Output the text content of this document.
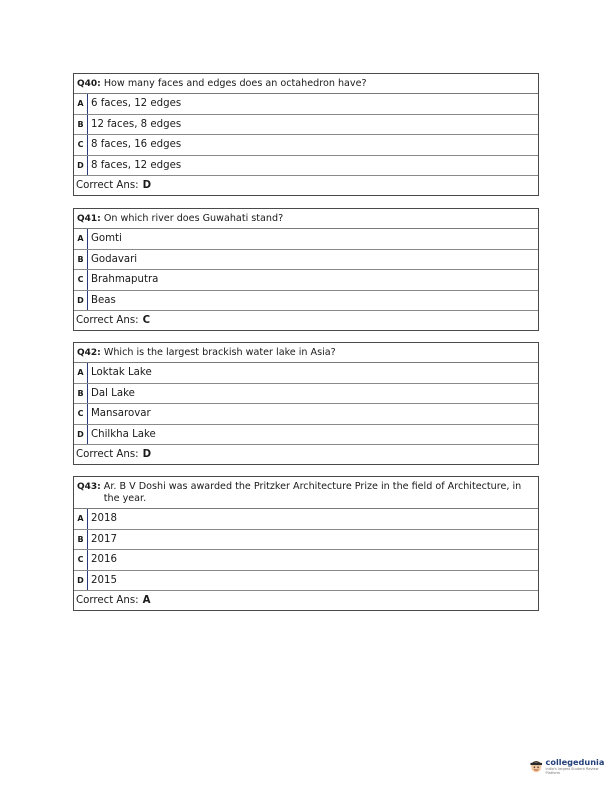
Q40: How many faces and edges does an octahedron have?
A 6 faces, 12 edges
B 12 faces, 8 edges
C 8 faces, 16 edges
D 8 faces, 12 edges
Correct Ans: D
Q41: On which river does Guwahati stand?
A Gomti
B Godavari
C Brahmaputra
D Beas
Correct Ans: C
Q42: Which is the largest brackish water lake in Asia?
A Loktak Lake
B Dal Lake
C Mansarovar
D Chilkha Lake
Correct Ans: D
Q43: Ar. B V Doshi was awarded the Pritzker Architecture Prize in the field of Architecture, in the year.
A 2018
B 2017
C 2016
D 2015
Correct Ans: A
collegedunia
India's largest Student Review Platform
